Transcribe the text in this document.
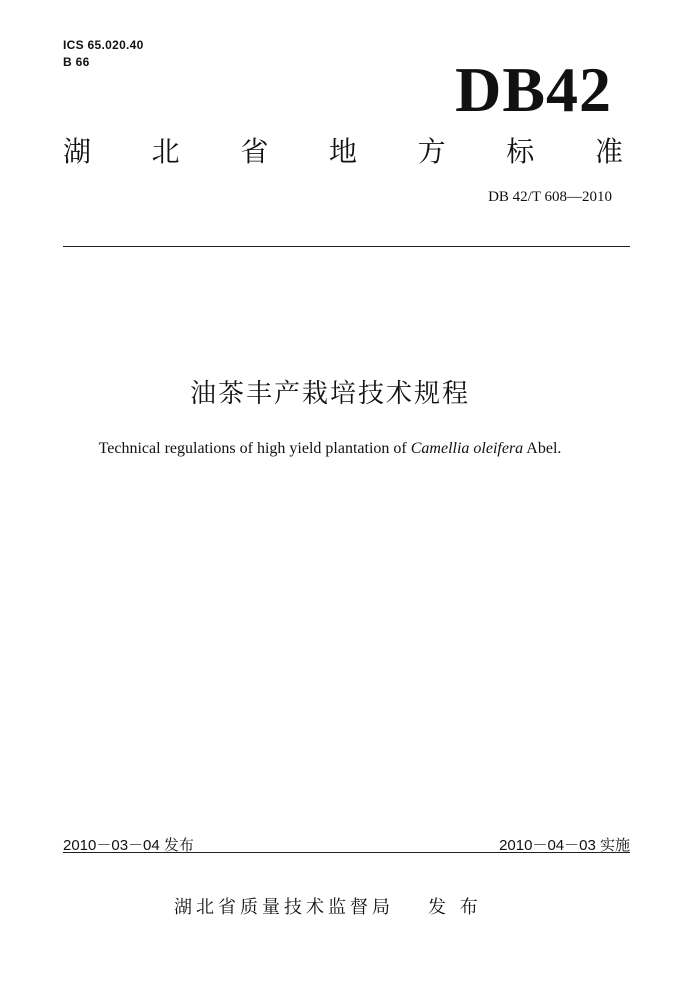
ICS 65.020.40
B 66	DB42
湖 北 省 地 方 标 准
DB 42/T 608—2010
油茶丰产栽培技术规程
Technical regulations of high yield plantation of Camellia oleifera Abel.
2010－03－04 发布	2010－04－03 实施
湖北省质量技术监督局 发 布
